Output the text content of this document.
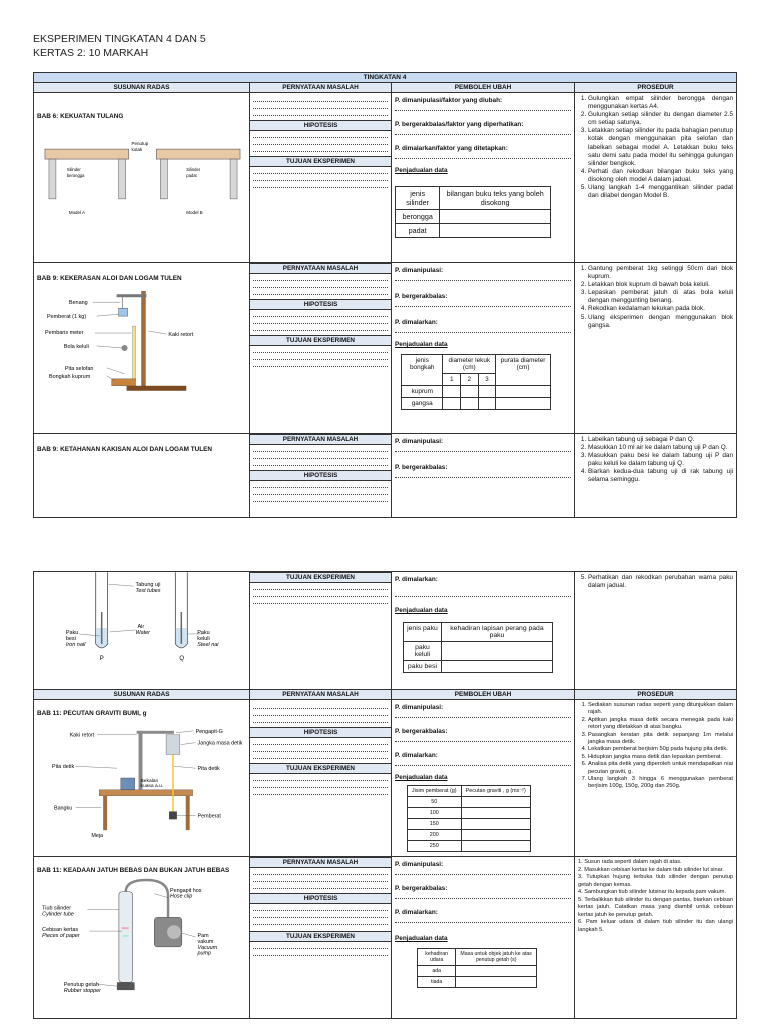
EKSPERIMEN TINGKATAN 4 DAN 5
KERTAS 2: 10 MARKAH
TINGKATAN 4
SUSUNAN RADAS	PERNYATAAN MASALAH	PEMBOLEH UBAH	PROSEDUR

BAB 6: KEKUATAN TULANG
Penutup
kotak
Silinder
berongga
Silinder
padat
Model A	Model B

HIPOTESIS
TUJUAN EKSPERIMEN

P. dimanipulasi/faktor yang diubah:
P. bergerakbalas/faktor yang diperhatikan:
P. dimalarkan/faktor yang ditetapkan:
Penjadualan data
jenis silinder	bilangan buku teks yang boleh disokong
berongga	
padat	

1. Gulungkan empat silinder berongga dengan menggunakan kertas A4.
2. Gulungkan setiap silinder itu dengan diameter 2.5 cm setiap satunya.
3. Letakkan setiap silinder itu pada bahagian penutup kotak dengan menggunakan pita selofan dan labelkan sebagai model A. Letakkan buku teks satu demi satu pada model itu sehingga gulungan silinder bengkok.
4. Perhati dan rekodkan bilangan buku teks yang disokong oleh model A dalam jadual.
5. Ulang langkah 1-4 menggantikan silinder padat dan dilabel dengan Model B.

BAB 9: KEKERASAN ALOI DAN LOGAM TULEN
Benang
Pemberat (1 kg)
Pembaris meter
Bola keluli
Pita selofan
Bongkah kuprum
Kaki retort

PERNYATAAN MASALAH
HIPOTESIS
TUJUAN EKSPERIMEN

P. dimanipulasi:
P. bergerakbalas:
P. dimalarkan:
Penjadualan data
jenis bongkah	diameter lekuk (cm)	purata diameter (cm)
1	2	3
kuprum				
gangsa				

1. Gantung pemberat 1kg setinggi 50cm dari blok kuprum.
2. Letakkan blok kuprum di bawah bola keluli.
3. Lepaskan pemberat jatuh di atas bola keluli dengan menggunting benang.
4. Rekodkan kedalaman lekukan pada blok.
5. Ulang eksperimen dengan menggunakan blok gangsa.

BAB 9: KETAHANAN KAKISAN ALOI DAN LOGAM TULEN

PERNYATAAN MASALAH
HIPOTESIS

P. dimanipulasi:
P. bergerakbalas:

1. Labelkan tabung uji sebagai P dan Q.
2. Masukkan 10 ml air ke dalam tabung uji P dan Q.
3. Masukkan paku besi ke dalam tabung uji P dan paku keluli ke dalam tabung uji Q.
4. Biarkan kedua-dua tabung uji di rak tabung uji selama seminggu.
Tabung uji
Test tubes
Air
Water
Paku
besi
Iron nail
Paku
keluli
Steel nai
P	Q

TUJUAN EKSPERIMEN	P. dimalarkan:
Penjadualan data
jenis paku	kehadiran lapisan perang pada paku
paku keluli	
paku besi	

5. Perhatikan dan rekodkan perubahan warna paku dalam jadual.

SUSUNAN RADAS	PERNYATAAN MASALAH	PEMBOLEH UBAH	PROSEDUR

BAB 11: PECUTAN GRAVITI BUMI, g
Kaki retort
Pengapit-G
Jangka masa detik
Pita detik	Pita detik
Bekalan
kuasa a.u.
Bangku
Pemberat
Meja

HIPOTESIS
TUJUAN EKSPERIMEN

P. dimanipulasi:
P. bergerakbalas:
P. dimalarkan:
Penjadualan data
Jisim pemberat (g)	Pecutan graviti , g (ms⁻²)
50	
100	
150	
200	
250	

1. Sediakan susunan radas seperti yang ditunjukkan dalam rajah.
2. Apitkan jangka masa detik secara menegak pada kaki retort yang diletakkan di atas bangku.
3. Pasangkan keratan pita detik sepanjang 1m melalui jangka masa detik.
4. Lekatkan pemberat berjisim 50g pada hujung pita detik.
5. Hidupkan jangka masa detik dan lepaskan pemberat.
6. Analisa pita detik yang diperoleh untuk mendapatkan niai pecutan graviti, g.
7. Ulang langkah 3 hingga 6 menggunakan pemberat berjisim 100g, 150g, 200g dan 250g.

BAB 11: KEADAAN JATUH BEBAS DAN BUKAN JATUH BEBAS
Tiub silinder
Cylinder tube
Cebisan kertas
Pieces of paper
Pengapit hos
Hose clip
Pam
vakum
Vacuum
pump
Penutup getah
Rubber stopper

PERNYATAAN MASALAH
HIPOTESIS
TUJUAN EKSPERIMEN

P. dimanipulasi:
P. bergerakbalas:
P. dimalarkan:
Penjadualan data
kehadiran udara	Masa untuk objek jatuh ke atas penutup getah (s)
ada	
tiada	

1. Susun rada seperti dalam rajah di atas.
2. Masukkan cebisan kertas ke dalam tiub silinder lut sinar.
3. Tutupkan hujung terbuka tiub silinder dengan penutup getah dengan kemas.
4. Sambungkan tiub silinder lutsinar itu kepada pam vakum.
5. Terbalikkan tiub silinder itu dengan pantas, biarkan cebisan kertas jatuh. Catatkan masa yang diambil untuk cebisan kertas jatuh ke penutup getah.
6. Pam keluar udara di dalam tiub silinder itu dan ulangi langkah 5.
